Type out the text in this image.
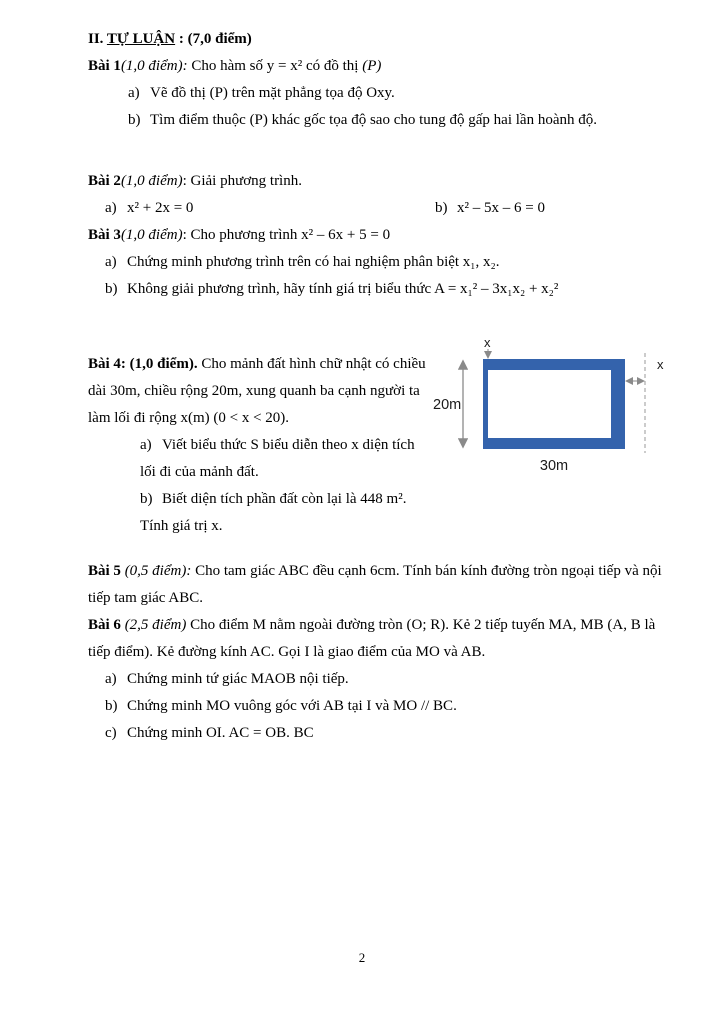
II. TỰ LUẬN : (7,0 điểm)

Bài 1(1,0 điểm): Cho hàm số y = x² có đồ thị (P)

a) Vẽ đồ thị (P) trên mặt phẳng tọa độ Oxy.

b) Tìm điểm thuộc (P) khác gốc tọa độ sao cho tung độ gấp hai lần hoành độ.

Bài 2(1,0 điểm): Giải phương trình.

a) x² + 2x = 0	b) x² – 5x – 6 = 0

Bài 3(1,0 điểm): Cho phương trình x² – 6x + 5 = 0

a) Chứng minh phương trình trên có hai nghiệm phân biệt x₁, x₂.

b) Không giải phương trình, hãy tính giá trị biểu thức A = x₁² – 3x₁x₂ + x₂²

Bài 4: (1,0 điểm). Cho mảnh đất hình chữ nhật có chiều dài 30m, chiều rộng 20m, xung quanh ba cạnh người ta làm lối đi rộng x(m) (0 < x < 20).

a) Viết biểu thức S biểu diễn theo x diện tích lối đi của mảnh đất.

b) Biết diện tích phần đất còn lại là 448 m². Tính giá trị x.

20m
x
x
30m

Bài 5 (0,5 điểm): Cho tam giác ABC đều cạnh 6cm. Tính bán kính đường tròn ngoại tiếp và nội tiếp tam giác ABC.

Bài 6 (2,5 điểm) Cho điểm M nằm ngoài đường tròn (O; R). Kẻ 2 tiếp tuyến MA, MB (A, B là tiếp điểm). Kẻ đường kính AC. Gọi I là giao điểm của MO và AB.

a) Chứng minh tứ giác MAOB nội tiếp.

b) Chứng minh MO vuông góc với AB tại I và MO // BC.

c) Chứng minh OI. AC = OB. BC

2
